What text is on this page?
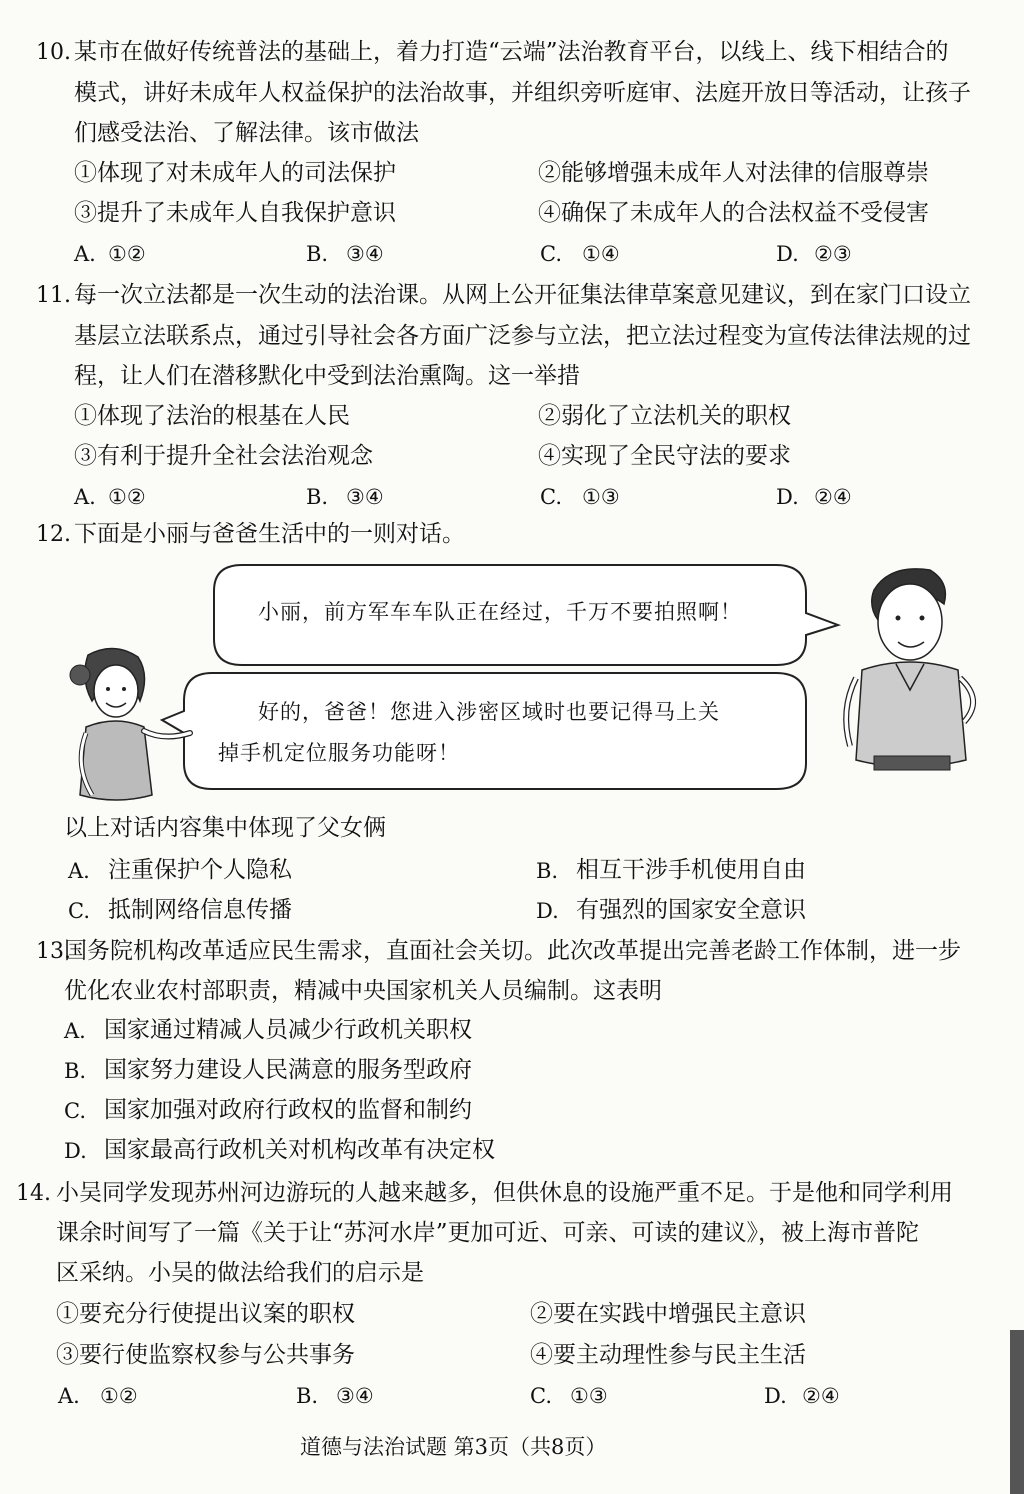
10. 某市在做好传统普法的基础上，着力打造“云端”法治教育平台，以线上、线下相结合的
模式，讲好未成年人权益保护的法治故事，并组织旁听庭审、法庭开放日等活动，让孩子
们感受法治、了解法律。该市做法
①体现了对未成年人的司法保护	②能够增强未成年人对法律的信服尊崇
③提升了未成年人自我保护意识	④确保了未成年人的合法权益不受侵害
A. ①②	B. ③④	C. ①④	D. ②③
11. 每一次立法都是一次生动的法治课。从网上公开征集法律草案意见建议，到在家门口设立
基层立法联系点，通过引导社会各方面广泛参与立法，把立法过程变为宣传法律法规的过
程，让人们在潜移默化中受到法治熏陶。这一举措
①体现了法治的根基在人民	②弱化了立法机关的职权
③有利于提升全社会法治观念	④实现了全民守法的要求
A. ①②	B. ③④	C. ①③	D. ②④
12. 下面是小丽与爸爸生活中的一则对话。
小丽，前方军车车队正在经过，千万不要拍照啊！
好的，爸爸！您进入涉密区域时也要记得马上关
掉手机定位服务功能呀！
以上对话内容集中体现了父女俩
A. 注重保护个人隐私	B. 相互干涉手机使用自由
C. 抵制网络信息传播	D. 有强烈的国家安全意识
13.
国务院机构改革适应民生需求，直面社会关切。此次改革提出完善老龄工作体制，进一步
优化农业农村部职责，精减中央国家机关人员编制。这表明
A. 国家通过精减人员减少行政机关职权
B. 国家努力建设人民满意的服务型政府
C. 国家加强对政府行政权的监督和制约
D. 国家最高行政机关对机构改革有决定权
14. 小吴同学发现苏州河边游玩的人越来越多，但供休息的设施严重不足。于是他和同学利用
课余时间写了一篇《关于让“苏河水岸”更加可近、可亲、可读的建议》，被上海市普陀
区采纳。小吴的做法给我们的启示是
①要充分行使提出议案的职权	②要在实践中增强民主意识
③要行使监察权参与公共事务	④要主动理性参与民主生活
A. ①②	B. ③④	C. ①③	D. ②④
道德与法治试题 第3页（共8页）
